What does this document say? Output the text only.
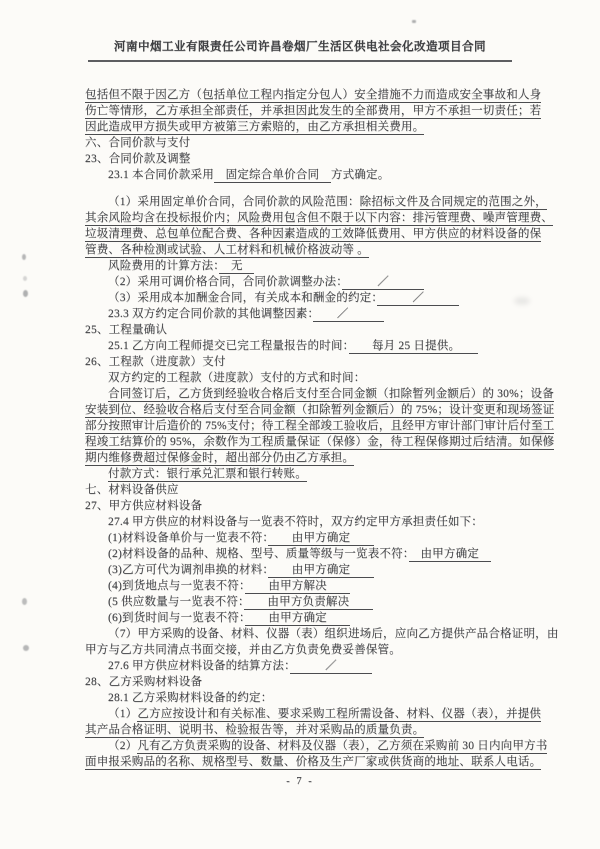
河南中烟工业有限责任公司许昌卷烟厂生活区供电社会化改造项目合同
包括但不限于因乙方（包括单位工程内指定分包人）安全措施不力而造成安全事故和人身
伤亡等情形，乙方承担全部责任，并承担因此发生的全部费用，甲方不承担一切责任；若
因此造成甲方损失或甲方被第三方索赔的，由乙方承担相关费用。
六、合同价款与支付
23、合同价款及调整
23.1 本合同价款采用　固定综合单价合同　方式确定。
（1）采用固定单价合同，合同价款的风险范围：除招标文件及合同规定的范围之外，
其余风险均含在投标报价内；风险费用包含但不限于以下内容：排污管理费、噪声管理费、
垃圾清理费、总包单位配合费、各种因素造成的工效降低费用、甲方供应的材料设备的保
管费、各种检测或试验、人工材料和机械价格波动等 。
风险费用的计算方法：　无　
（2）采用可调价格合同，合同价款调整办法：　　　／　　　
（3）采用成本加酬金合同，有关成本和酬金的约定：　　　／　　　
23.3 双方约定合同价款的其他调整因素：　　／　　　
25、工程量确认
25.1 乙方向工程师提交已完工程量报告的时间：　　每月 25 日提供。　　
26、工程款（进度款）支付
双方约定的工程款（进度款）支付的方式和时间：
合同签订后，乙方货到经验收合格后支付至合同金额（扣除暂列金额后）的 30%；设备
安装到位、经验收合格后支付至合同金额（扣除暂列金额后）的 75%；设计变更和现场签证
部分按照审计后造价的 75%支付；待工程全部竣工验收后，且经甲方审计部门审计后付至工
程竣工结算价的 95%，余数作为工程质量保证（保修）金，待工程保修期过后结清。如保修
期内维修费超过保修金时，超出部分仍由乙方承担。
付款方式：银行承兑汇票和银行转账。
七、材料设备供应
27、甲方供应材料设备
27.4 甲方供应的材料设备与一览表不符时，双方约定甲方承担责任如下：
(1)材料设备单价与一览表不符：　　由甲方确定　　
(2)材料设备的品种、规格、型号、质量等级与一览表不符：　由甲方确定　
(3)乙方可代为调剂串换的材料：　　由甲方确定　　
(4)到货地点与一览表不符：　　由甲方解决　　
(5 供应数量与一览表不符：　　由甲方负责解决　　
(6)到货时间与一览表不符：　　由甲方确定　　
（7）甲方采购的设备、材料、仪器（表）组织进场后，应向乙方提供产品合格证明，由
甲方与乙方共同清点书面交接，并由乙方负责免费妥善保管。
27.6 甲方供应材料设备的结算方法：　　　／　　　
28、乙方采购材料设备
28.1 乙方采购材料设备的约定：
（1）乙方应按设计和有关标准、要求采购工程所需设备、材料、仪器（表），并提供
其产品合格证明、说明书、检验报告等，并对采购品的质量负责。
（2）凡有乙方负责采购的设备、材料及仪器（表），乙方须在采购前 30 日内向甲方书
面申报采购品的名称、规格型号、数量、价格及生产厂家或供货商的地址、联系人电话。
- 7 -
